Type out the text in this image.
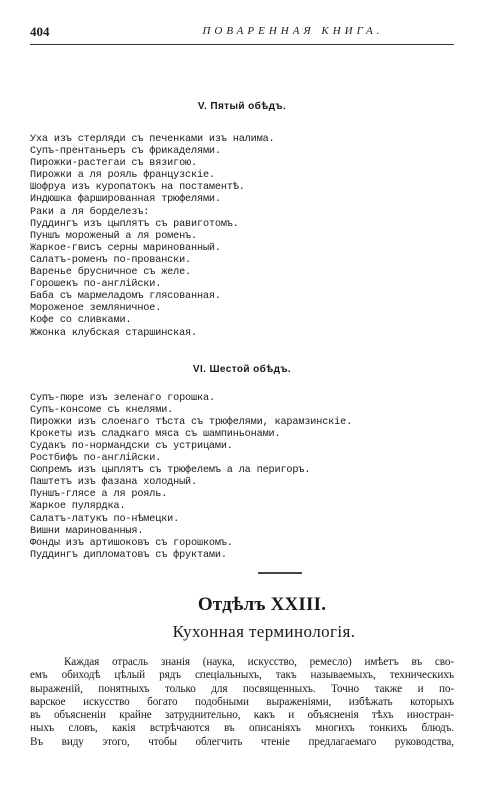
404	ПОВАРЕННАЯ КНИГА.
V. Пятый обѣдъ.
Уха изъ стерляди съ печенками изъ налима.
Супъ-прентаньеръ съ фрикаделями.
Пирожки-растегаи съ вязигою.
Пирожки а ля рояль французскіе.
Шофруа изъ куропатокъ на постаментѣ.
Индюшка фаршированная трюфелями.
Раки а ля борделезъ:
Пуддингъ изъ цыплятъ съ равиготомъ.
Пуншъ мороженый а ля роменъ.
Жаркое-гвисъ серны маринованный.
Салатъ-роменъ по-провански.
Варенье брусничное съ желе.
Горошекъ по-англійски.
Баба съ мармеладомъ глясованная.
Мороженое земляничное.
Кофе со сливками.
Жжонка клубская старшинская.
VI. Шестой обѣдъ.
Супъ-пюре изъ зеленаго горошка.
Супъ-консоме съ кнелями.
Пирожки изъ слоенаго тѣста съ трюфелями, карамзинскіе.
Крокеты изъ сладкаго мяса съ шампиньонами.
Судакъ по-нормандски съ устрицами.
Ростбифъ по-англійски.
Сюпремъ изъ цыплятъ съ трюфелемъ а ла перигоръ.
Паштетъ изъ фазана холодный.
Пуншъ-глясе а ля рояль.
Жаркое пулярдка.
Салатъ-латукъ по-нѣмецки.
Вишни маринованныя.
Фонды изъ артишоковъ съ горошкомъ.
Пуддингъ дипломатовъ съ фруктами.
Отдѣлъ XXIII.
Кухонная терминологія.
Каждая отрасль знанія (наука, искусство, ремесло) имѣетъ въ сво-
емъ обиходѣ цѣлый рядъ спеціальныхъ, такъ называемыхъ, техническихъ
выраженій, понятныхъ только для посвященныхъ. Точно также и по-
варское искусство богато подобными выраженіями, избѣжать которыхъ
въ объясненіи крайне затруднительно, какъ и объясненія тѣхъ иностран-
ныхъ словъ, какія встрѣчаются въ описаніяхъ многихъ тонкихъ блюдъ.
Въ виду этого, чтобы облегчить чтеніе предлагаемаго руководства,
